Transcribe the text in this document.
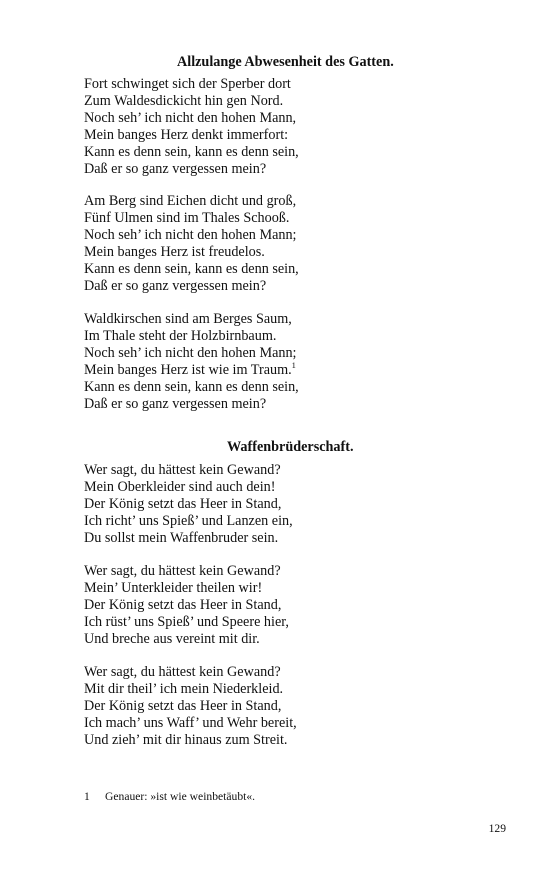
Allzulange Abwesenheit des Gatten.
Fort schwinget sich der Sperber dort
Zum Waldesdickicht hin gen Nord.
Noch seh’ ich nicht den hohen Mann,
Mein banges Herz denkt immerfort:
Kann es denn sein, kann es denn sein,
Daß er so ganz vergessen mein?
Am Berg sind Eichen dicht und groß,
Fünf Ulmen sind im Thales Schooß.
Noch seh’ ich nicht den hohen Mann;
Mein banges Herz ist freudelos.
Kann es denn sein, kann es denn sein,
Daß er so ganz vergessen mein?
Waldkirschen sind am Berges Saum,
Im Thale steht der Holzbirnbaum.
Noch seh’ ich nicht den hohen Mann;
Mein banges Herz ist wie im Traum.$^1$
Kann es denn sein, kann es denn sein,
Daß er so ganz vergessen mein?
Waffenbrüderschaft.
Wer sagt, du hättest kein Gewand?
Mein Oberkleider sind auch dein!
Der König setzt das Heer in Stand,
Ich richt’ uns Spieß’ und Lanzen ein,
Du sollst mein Waffenbruder sein.
Wer sagt, du hättest kein Gewand?
Mein’ Unterkleider theilen wir!
Der König setzt das Heer in Stand,
Ich rüst’ uns Spieß’ und Speere hier,
Und breche aus vereint mit dir.
Wer sagt, du hättest kein Gewand?
Mit dir theil’ ich mein Niederkleid.
Der König setzt das Heer in Stand,
Ich mach’ uns Waff’ und Wehr bereit,
Und zieh’ mit dir hinaus zum Streit.
1 Genauer: »ist wie weinbetäubt«.
129
